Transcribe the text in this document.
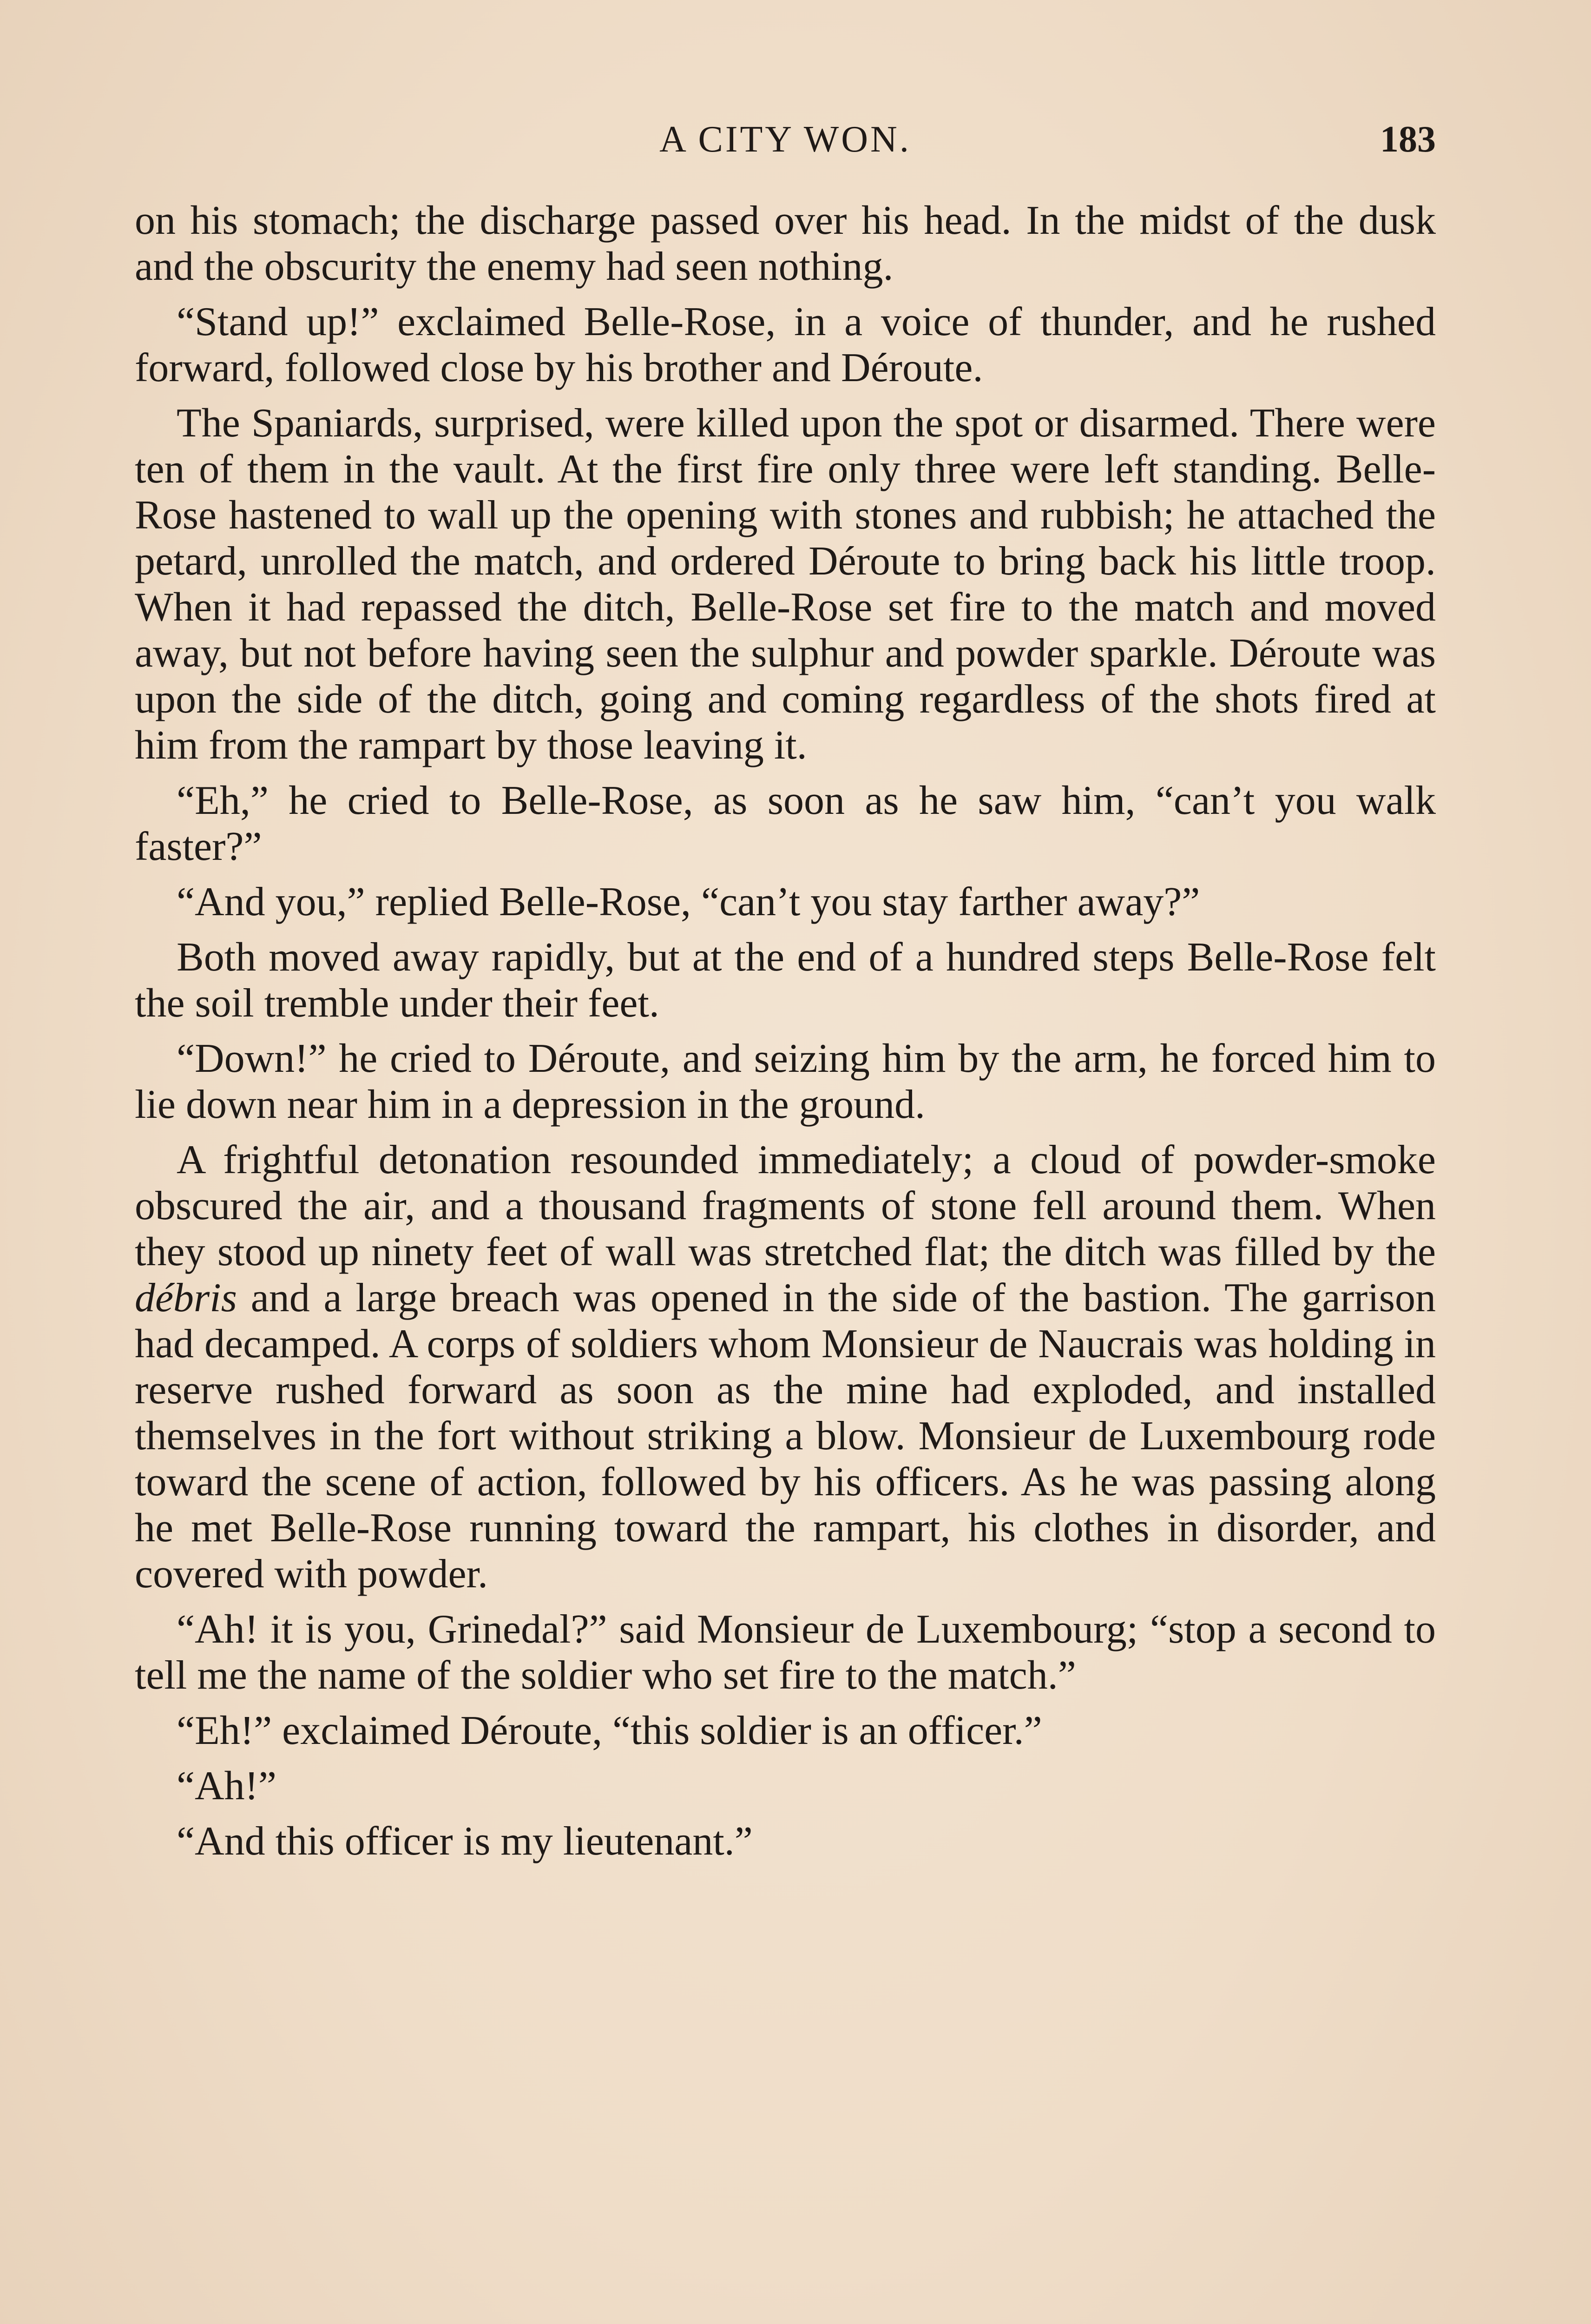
A CITY WON.	183

on his stomach; the discharge passed over his head. In the midst of the dusk and the obscurity the enemy had seen nothing.

“Stand up!” exclaimed Belle-Rose, in a voice of thunder, and he rushed forward, followed close by his brother and Déroute.

The Spaniards, surprised, were killed upon the spot or disarmed. There were ten of them in the vault. At the first fire only three were left standing. Belle-Rose hastened to wall up the opening with stones and rubbish; he attached the petard, unrolled the match, and ordered Déroute to bring back his little troop. When it had repassed the ditch, Belle-Rose set fire to the match and moved away, but not before having seen the sulphur and powder sparkle. Déroute was upon the side of the ditch, going and coming regardless of the shots fired at him from the rampart by those leaving it.

“Eh,” he cried to Belle-Rose, as soon as he saw him, “can’t you walk faster?”

“And you,” replied Belle-Rose, “can’t you stay farther away?”

Both moved away rapidly, but at the end of a hundred steps Belle-Rose felt the soil tremble under their feet.

“Down!” he cried to Déroute, and seizing him by the arm, he forced him to lie down near him in a depression in the ground.

A frightful detonation resounded immediately; a cloud of powder-smoke obscured the air, and a thousand fragments of stone fell around them. When they stood up ninety feet of wall was stretched flat; the ditch was filled by the débris and a large breach was opened in the side of the bastion. The garrison had decamped. A corps of soldiers whom Monsieur de Naucrais was holding in reserve rushed forward as soon as the mine had exploded, and installed themselves in the fort without striking a blow. Monsieur de Luxembourg rode toward the scene of action, followed by his officers. As he was passing along he met Belle-Rose running toward the rampart, his clothes in disorder, and covered with powder.

“Ah! it is you, Grinedal?” said Monsieur de Luxembourg; “stop a second to tell me the name of the soldier who set fire to the match.”

“Eh!” exclaimed Déroute, “this soldier is an officer.”

“Ah!”

“And this officer is my lieutenant.”
